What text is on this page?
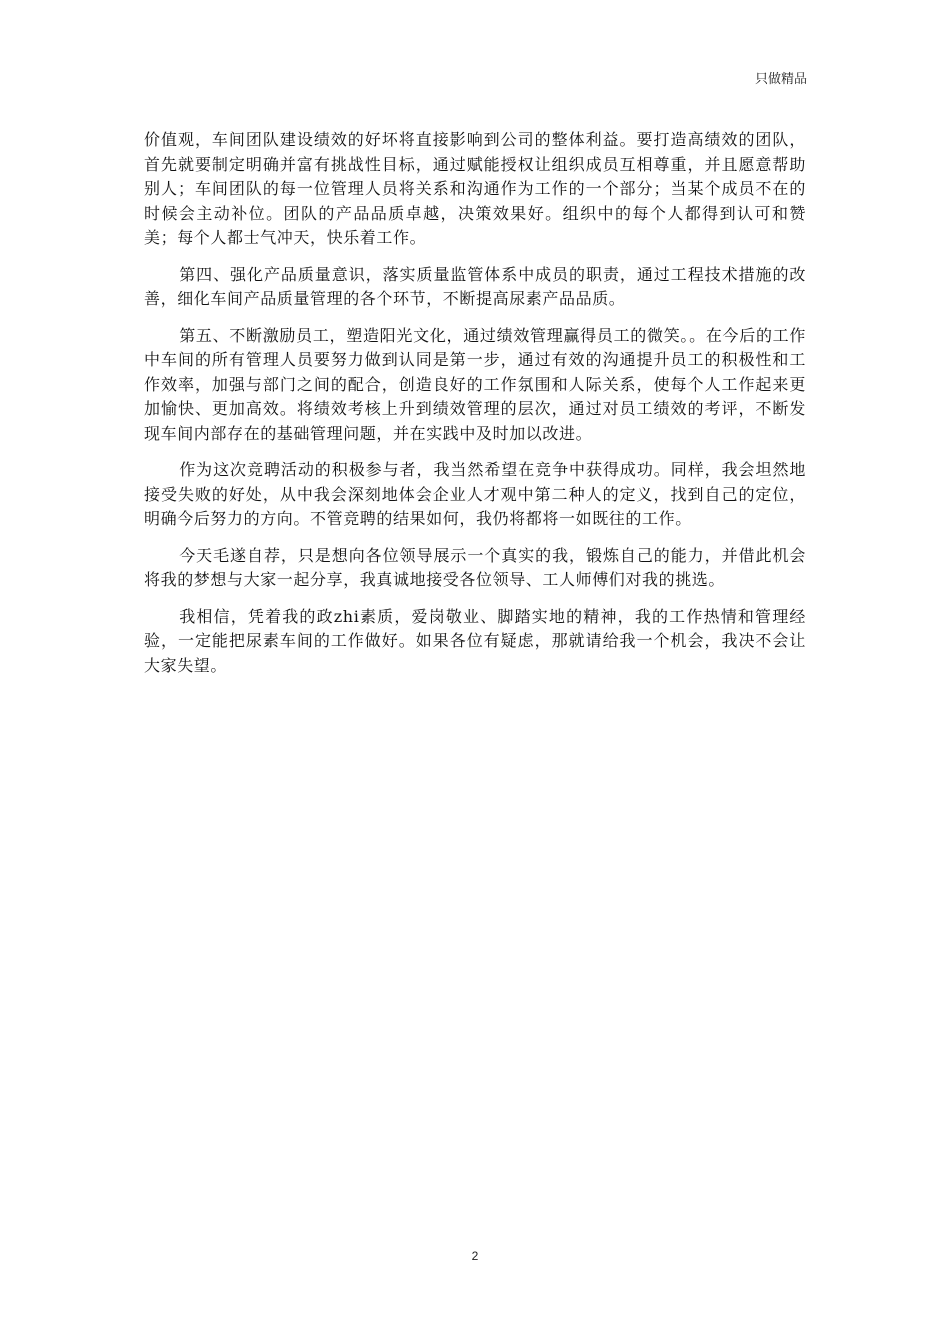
只做精品

价值观，车间团队建设绩效的好坏将直接影响到公司的整体利益。要打造高绩效的团队，首先就要制定明确并富有挑战性目标，通过赋能授权让组织成员互相尊重，并且愿意帮助别人；车间团队的每一位管理人员将关系和沟通作为工作的一个部分；当某个成员不在的时候会主动补位。团队的产品品质卓越，决策效果好。组织中的每个人都得到认可和赞美；每个人都士气冲天，快乐着工作。

第四、强化产品质量意识，落实质量监管体系中成员的职责，通过工程技术措施的改善，细化车间产品质量管理的各个环节，不断提高尿素产品品质。

第五、不断激励员工，塑造阳光文化，通过绩效管理赢得员工的微笑。。在今后的工作中车间的所有管理人员要努力做到认同是第一步，通过有效的沟通提升员工的积极性和工作效率，加强与部门之间的配合，创造良好的工作氛围和人际关系，使每个人工作起来更加愉快、更加高效。将绩效考核上升到绩效管理的层次，通过对员工绩效的考评，不断发现车间内部存在的基础管理问题，并在实践中及时加以改进。

作为这次竞聘活动的积极参与者，我当然希望在竞争中获得成功。同样，我会坦然地接受失败的好处，从中我会深刻地体会企业人才观中第二种人的定义，找到自己的定位，明确今后努力的方向。不管竞聘的结果如何，我仍将都将一如既往的工作。

今天毛遂自荐，只是想向各位领导展示一个真实的我，锻炼自己的能力，并借此机会将我的梦想与大家一起分享，我真诚地接受各位领导、工人师傅们对我的挑选。

我相信，凭着我的政zhi素质，爱岗敬业、脚踏实地的精神，我的工作热情和管理经验，一定能把尿素车间的工作做好。如果各位有疑虑，那就请给我一个机会，我决不会让大家失望。

2
